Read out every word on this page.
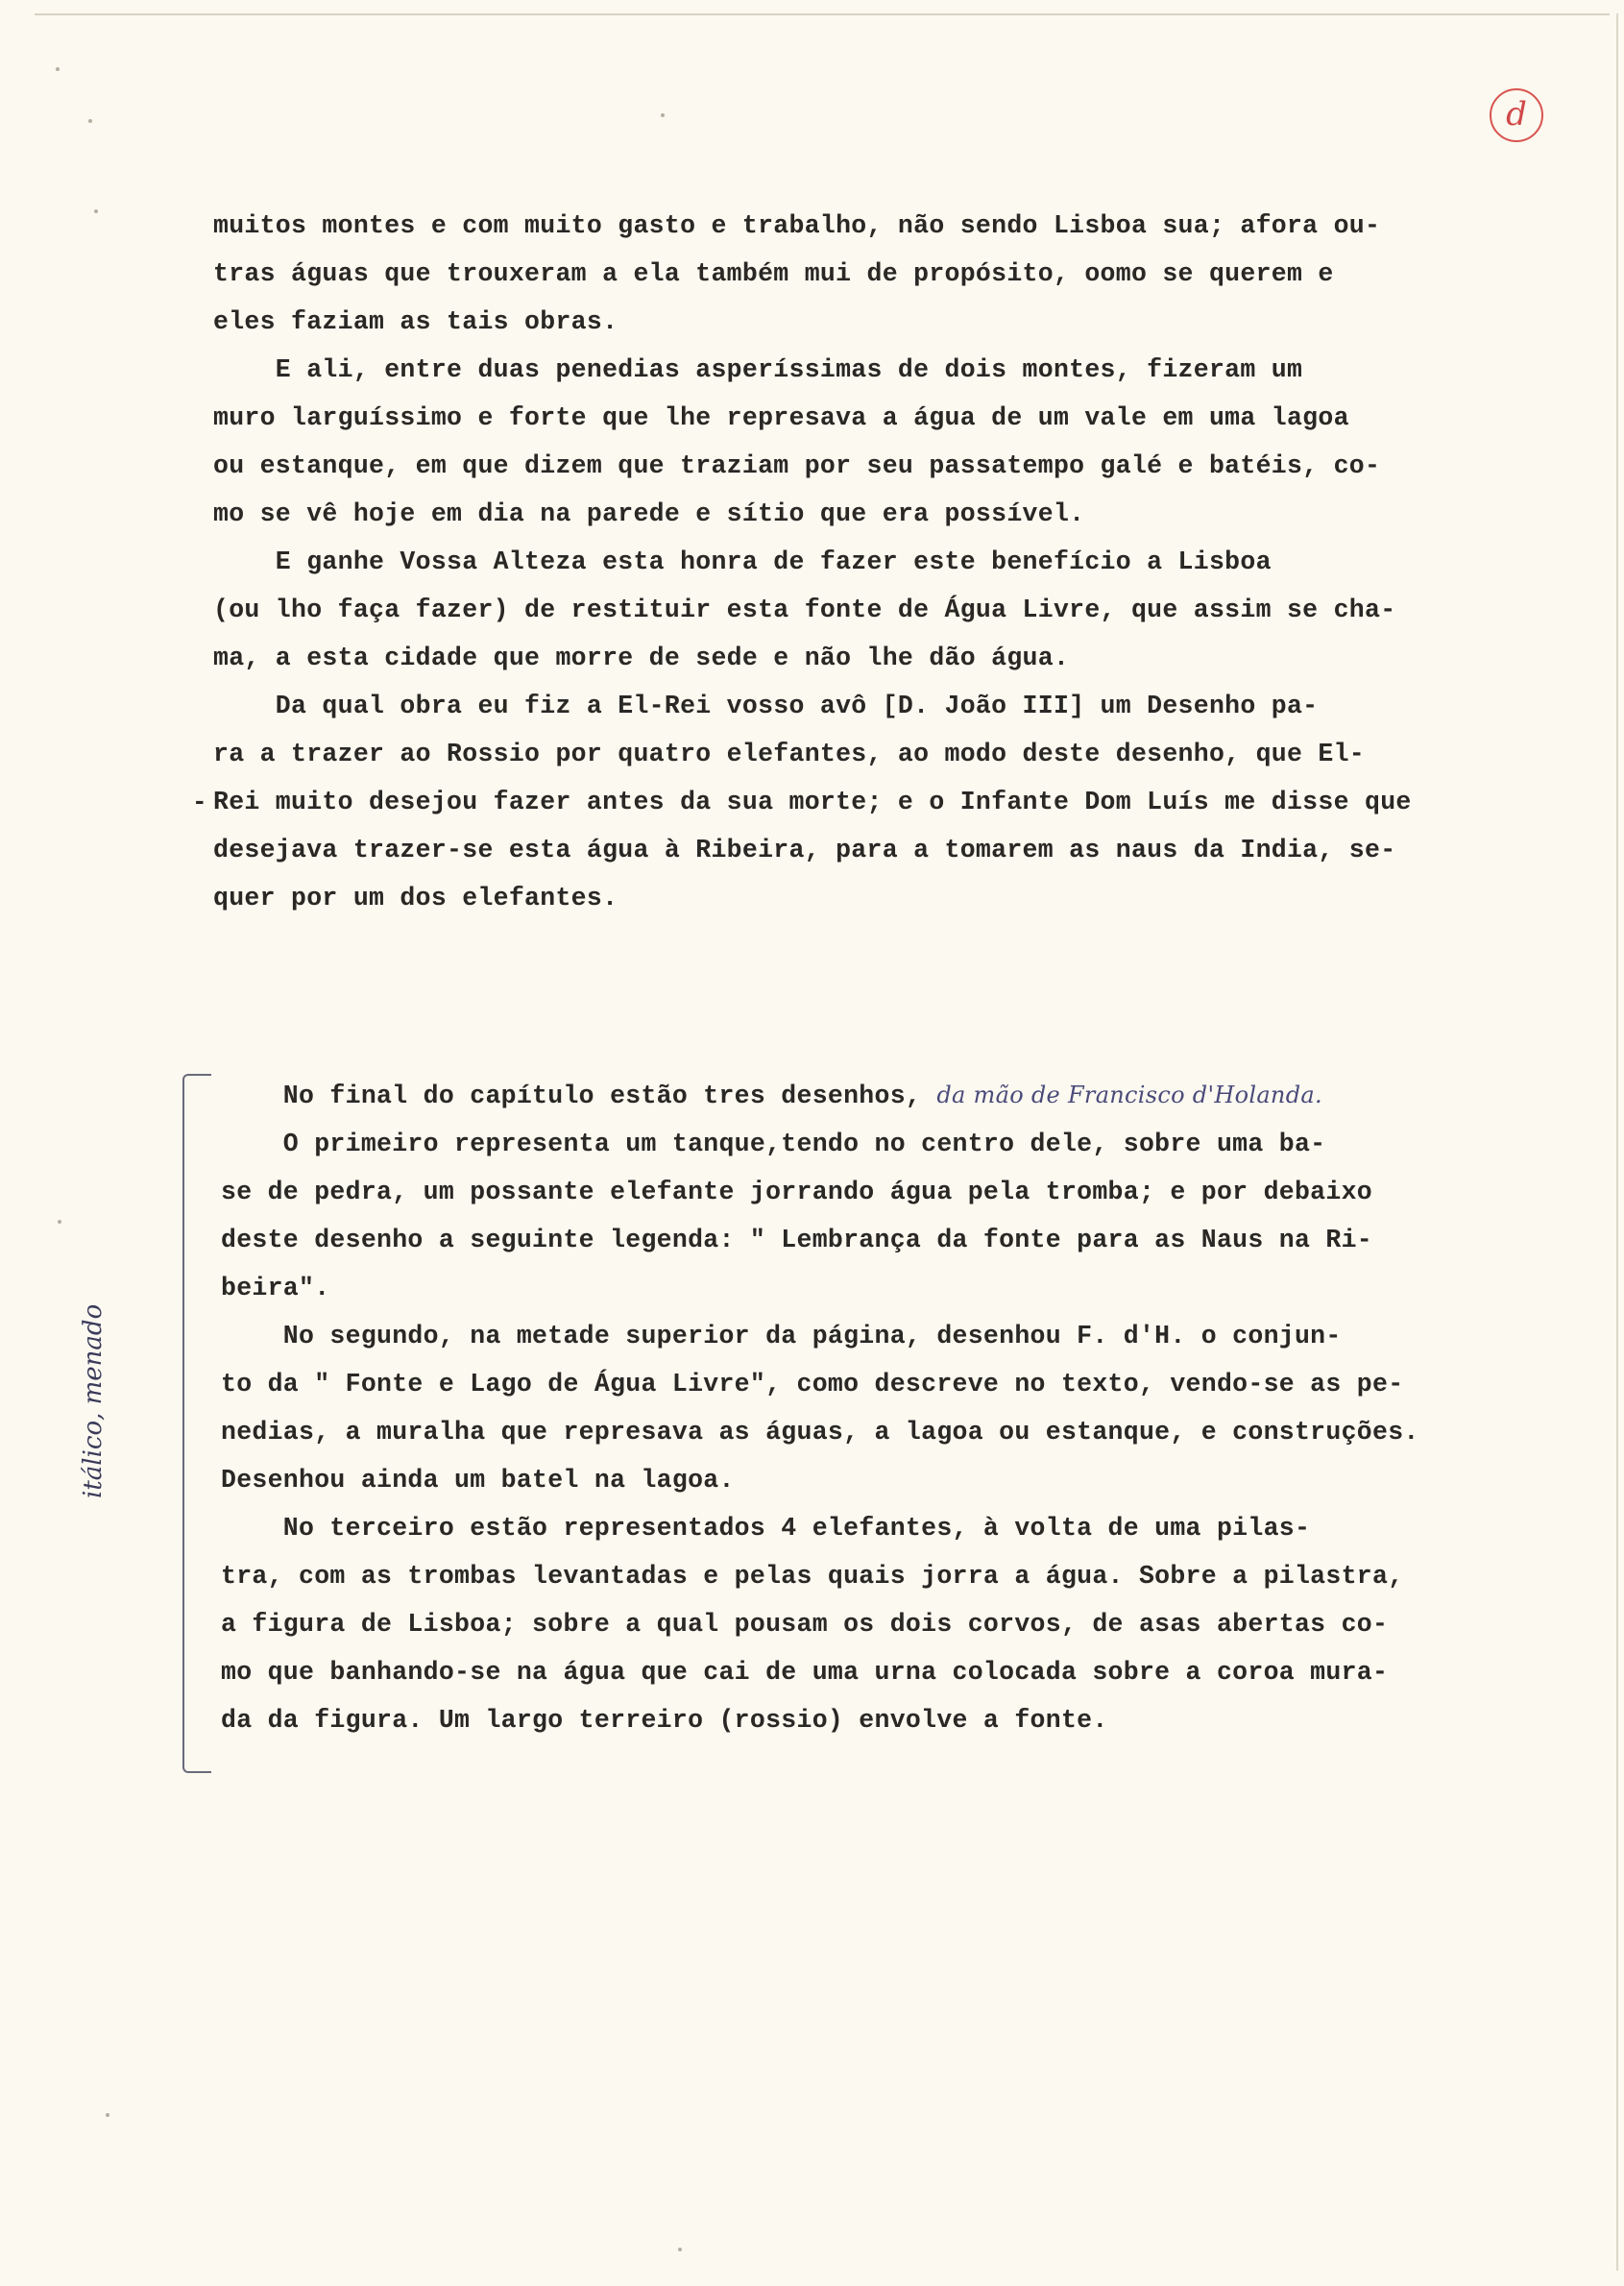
d

muitos montes e com muito gasto e trabalho, não sendo Lisboa sua; afora ou-

tras águas que trouxeram a ela também mui de propósito, oomo se querem e

eles faziam as tais obras.

E ali, entre duas penedias asperíssimas de dois montes, fizeram um

muro larguíssimo e forte que lhe represava a água de um vale em uma lagoa

ou estanque, em que dizem que traziam por seu passatempo galé e batéis, co-

mo se vê hoje em dia na parede e sítio que era possível.

E ganhe Vossa Alteza esta honra de fazer este benefício a Lisboa

(ou lho faça fazer) de restituir esta fonte de Água Livre, que assim se cha-

ma, a esta cidade que morre de sede e não lhe dão água.

Da qual obra eu fiz a El-Rei vosso avô [D. João III] um Desenho pa-

ra a trazer ao Rossio por quatro elefantes, ao modo deste desenho, que El-

Rei muito desejou fazer antes da sua morte; e o Infante Dom Luís me disse que

desejava trazer-se esta água à Ribeira, para a tomarem as naus da India, se-

quer por um dos elefantes.

-

No final do capítulo estão tres desenhos, da mão de Francisco d'Holanda.

O primeiro representa um tanque,tendo no centro dele, sobre uma ba-

se de pedra, um possante elefante jorrando água pela tromba; e por debaixo

deste desenho a seguinte legenda: " Lembrança da fonte para as Naus na Ri-

beira".

No segundo, na metade superior da página, desenhou F. d'H. o conjun-

to da " Fonte e Lago de Água Livre", como descreve no texto, vendo-se as pe-

nedias, a muralha que represava as águas, a lagoa ou estanque, e construções.

Desenhou ainda um batel na lagoa.

No terceiro estão representados 4 elefantes, à volta de uma pilas-

tra, com as trombas levantadas e pelas quais jorra a água. Sobre a pilastra,

a figura de Lisboa; sobre a qual pousam os dois corvos, de asas abertas co-

mo que banhando-se na água que cai de uma urna colocada sobre a coroa mura-

da da figura. Um largo terreiro (rossio) envolve a fonte.

itálico, menado
